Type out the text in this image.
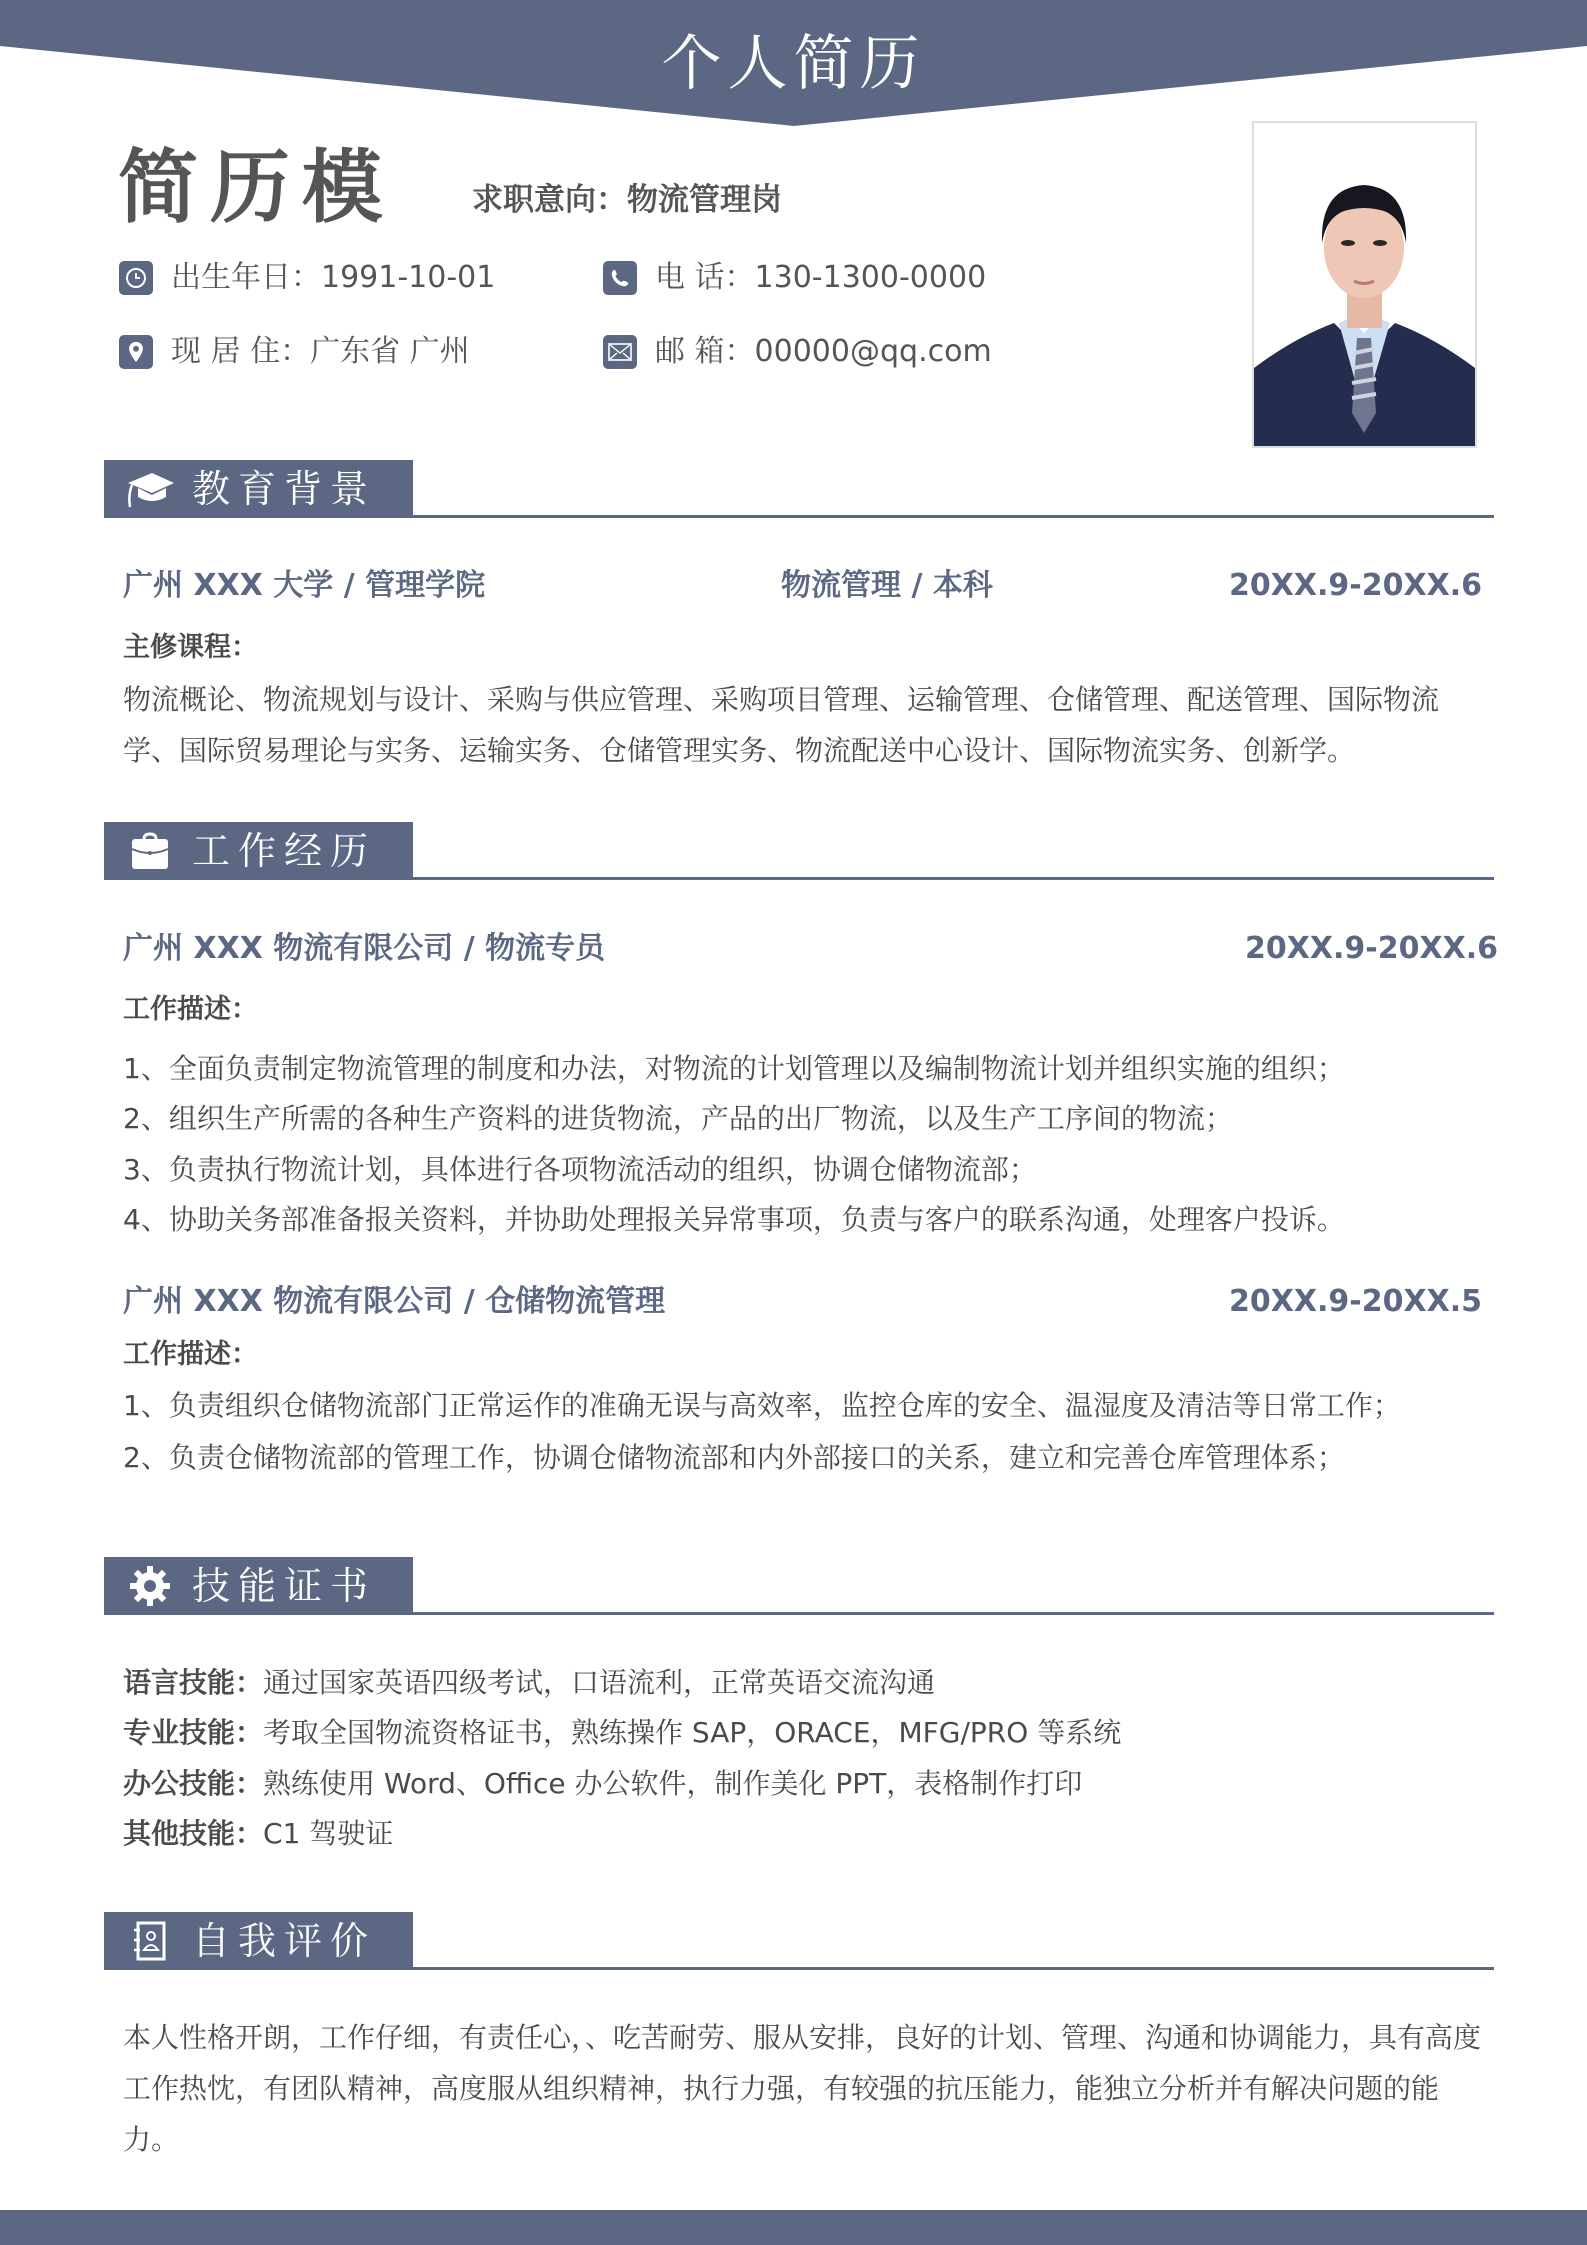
个人简历
简历模	求职意向：物流管理岗
出生年日： 1991-10-01	电 话： 130-1300-0000
现 居 住： 广东省 广州	邮 箱： 00000@qq.com
教育背景
广州 XXX 大学 / 管理学院	物流管理 / 本科	20XX.9-20XX.6
主修课程：
物流概论、物流规划与设计、采购与供应管理、采购项目管理、运输管理、仓储管理、配送管理、国际物流学、国际贸易理论与实务、运输实务、仓储管理实务、物流配送中心设计、国际物流实务、创新学。
工作经历
广州 XXX 物流有限公司 / 物流专员	20XX.9-20XX.6
工作描述：
1、全面负责制定物流管理的制度和办法，对物流的计划管理以及编制物流计划并组织实施的组织；
2、组织生产所需的各种生产资料的进货物流，产品的出厂物流，以及生产工序间的物流；
3、负责执行物流计划，具体进行各项物流活动的组织，协调仓储物流部；
4、协助关务部准备报关资料，并协助处理报关异常事项，负责与客户的联系沟通，处理客户投诉。
广州 XXX 物流有限公司 / 仓储物流管理	20XX.9-20XX.5
工作描述：
1、负责组织仓储物流部门正常运作的准确无误与高效率，监控仓库的安全、温湿度及清洁等日常工作；
2、负责仓储物流部的管理工作，协调仓储物流部和内外部接口的关系，建立和完善仓库管理体系；
技能证书
语言技能：通过国家英语四级考试，口语流利，正常英语交流沟通
专业技能：考取全国物流资格证书，熟练操作 SAP，ORACE，MFG/PRO 等系统
办公技能：熟练使用 Word、Office 办公软件，制作美化 PPT，表格制作打印
其他技能：C1 驾驶证
自我评价
本人性格开朗，工作仔细，有责任心，、吃苦耐劳、服从安排，良好的计划、管理、沟通和协调能力，具有高度工作热忱，有团队精神，高度服从组织精神，执行力强，有较强的抗压能力，能独立分析并有解决问题的能力。
